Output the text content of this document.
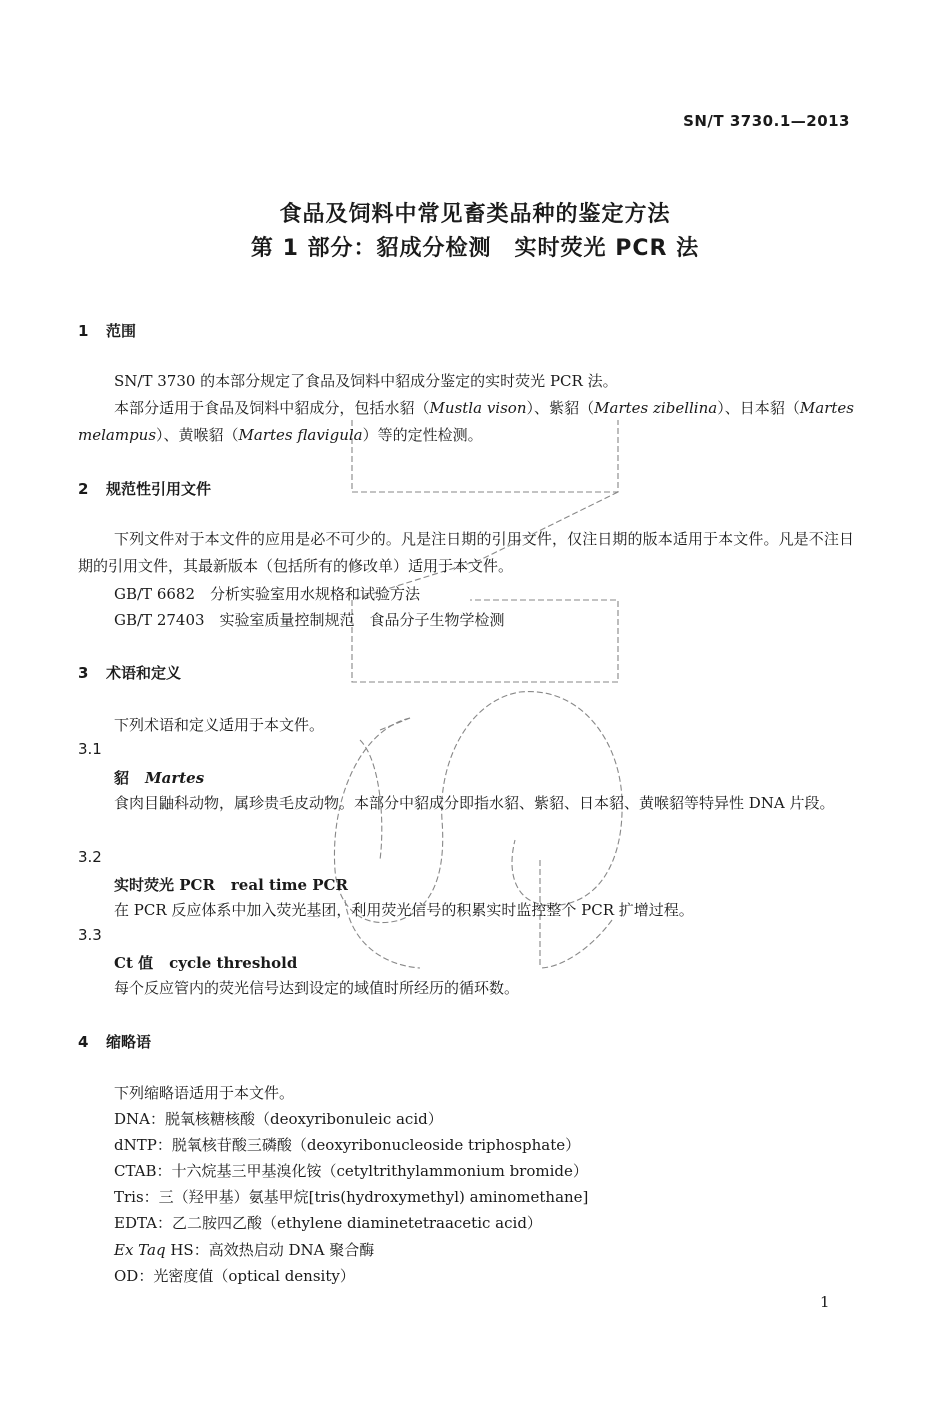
SN/T 3730.1—2013
食品及饲料中常见畜类品种的鉴定方法
第 1 部分：貂成分检测　实时荧光 PCR 法
1 范围
SN/T 3730 的本部分规定了食品及饲料中貂成分鉴定的实时荧光 PCR 法。
本部分适用于食品及饲料中貂成分，包括水貂（Mustla vison）、紫貂（Martes zibellina）、日本貂（Martes melampus）、黄喉貂（Martes flavigula）等的定性检测。
2 规范性引用文件
下列文件对于本文件的应用是必不可少的。凡是注日期的引用文件，仅注日期的版本适用于本文件。凡是不注日期的引用文件，其最新版本（包括所有的修改单）适用于本文件。
GB/T 6682　分析实验室用水规格和试验方法
GB/T 27403　实验室质量控制规范　食品分子生物学检测
3 术语和定义
下列术语和定义适用于本文件。
3.1
貂 Martes
食肉目鼬科动物，属珍贵毛皮动物。本部分中貂成分即指水貂、紫貂、日本貂、黄喉貂等特异性 DNA 片段。
3.2
实时荧光 PCR real time PCR
在 PCR 反应体系中加入荧光基团，利用荧光信号的积累实时监控整个 PCR 扩增过程。
3.3
Ct 值 cycle threshold
每个反应管内的荧光信号达到设定的域值时所经历的循环数。
4 缩略语
下列缩略语适用于本文件。
DNA：脱氧核糖核酸（deoxyribonuleic acid）
dNTP：脱氧核苷酸三磷酸（deoxyribonucleoside triphosphate）
CTAB：十六烷基三甲基溴化铵（cetyltrithylammonium bromide）
Tris：三（羟甲基）氨基甲烷[tris(hydroxymethyl) aminomethane]
EDTA：乙二胺四乙酸（ethylene diaminetetraacetic acid）
Ex Taq HS：高效热启动 DNA 聚合酶
OD：光密度值（optical density）
1
